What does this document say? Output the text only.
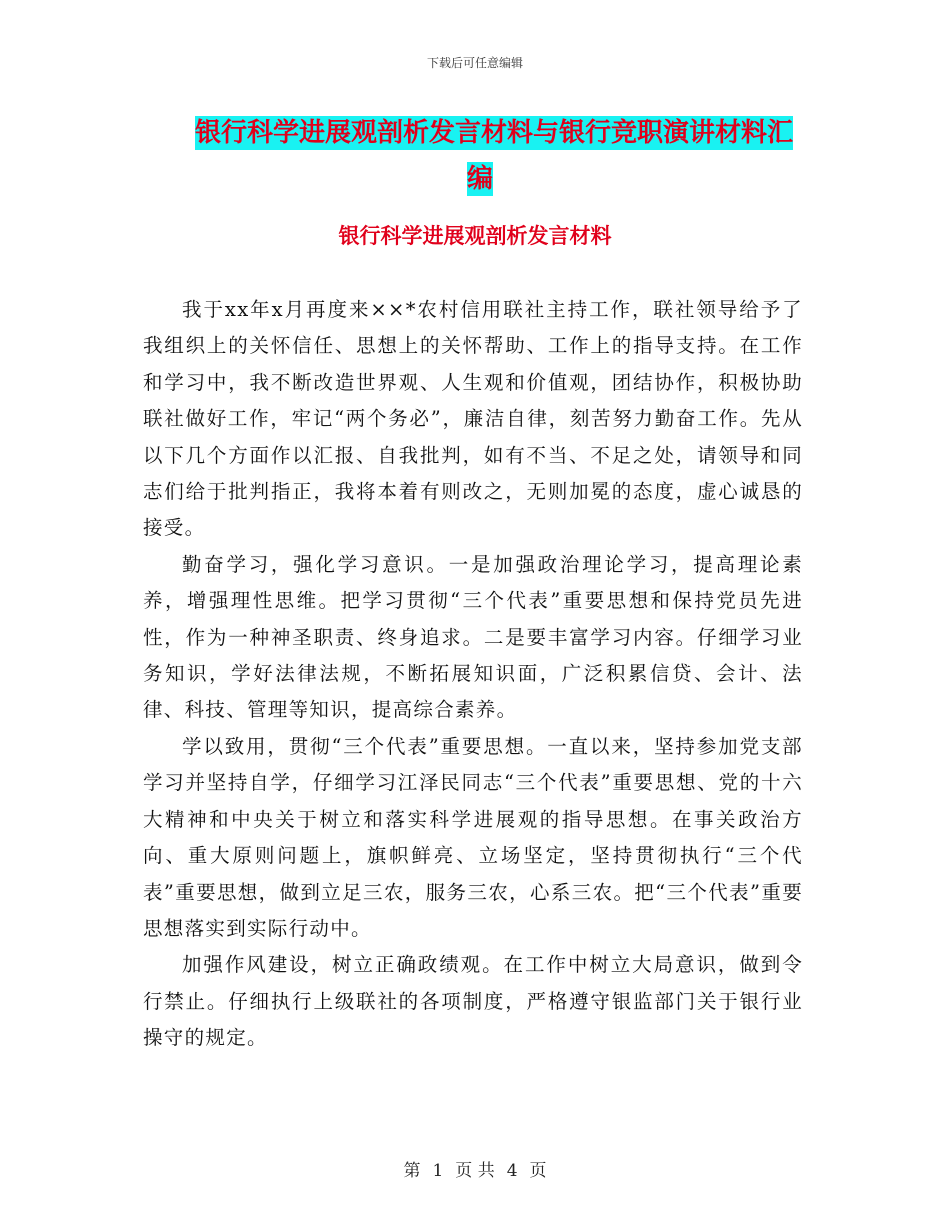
下载后可任意编辑
银行科学进展观剖析发言材料与银行竞职演讲材料汇
编
银行科学进展观剖析发言材料

我于xx年x月再度来××*农村信用联社主持工作，联社领导给予了我组织上的关怀信任、思想上的关怀帮助、工作上的指导支持。在工作和学习中，我不断改造世界观、人生观和价值观，团结协作，积极协助联社做好工作，牢记“两个务必”，廉洁自律，刻苦努力勤奋工作。先从以下几个方面作以汇报、自我批判，如有不当、不足之处，请领导和同志们给于批判指正，我将本着有则改之，无则加冕的态度，虚心诚恳的接受。

勤奋学习，强化学习意识。一是加强政治理论学习，提高理论素养，增强理性思维。把学习贯彻“三个代表”重要思想和保持党员先进性，作为一种神圣职责、终身追求。二是要丰富学习内容。仔细学习业务知识，学好法律法规，不断拓展知识面，广泛积累信贷、会计、法律、科技、管理等知识，提高综合素养。

学以致用，贯彻“三个代表”重要思想。一直以来，坚持参加党支部学习并坚持自学，仔细学习江泽民同志“三个代表”重要思想、党的十六大精神和中央关于树立和落实科学进展观的指导思想。在事关政治方向、重大原则问题上，旗帜鲜亮、立场坚定，坚持贯彻执行“三个代表”重要思想，做到立足三农，服务三农，心系三农。把“三个代表”重要思想落实到实际行动中。

加强作风建设，树立正确政绩观。在工作中树立大局意识，做到令行禁止。仔细执行上级联社的各项制度，严格遵守银监部门关于银行业操守的规定。

第 1 页 共 4 页
